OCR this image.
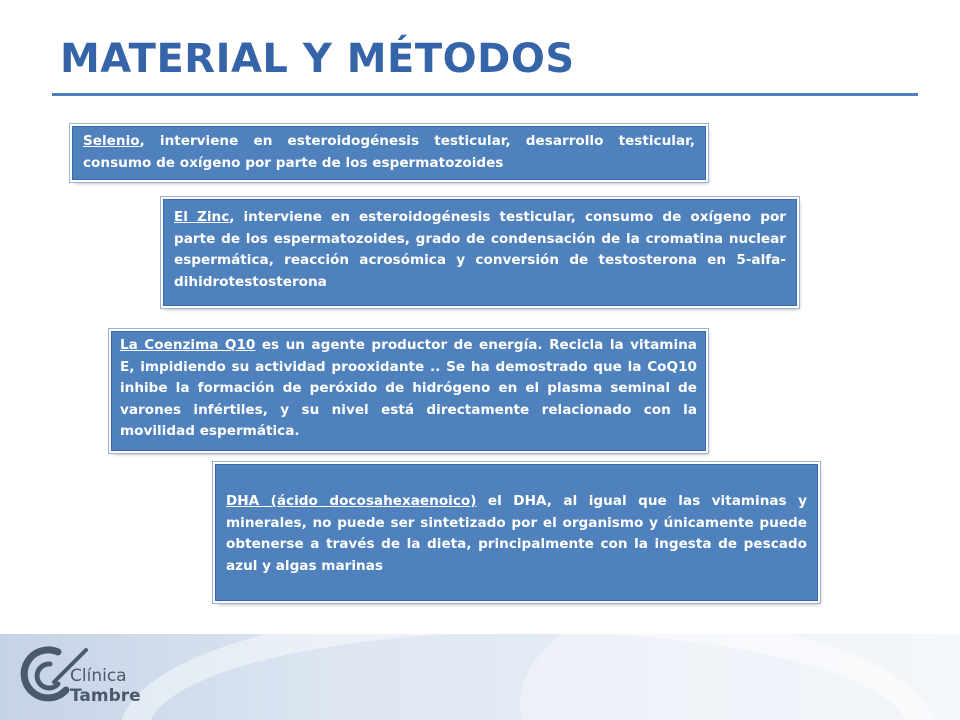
MATERIAL Y MÉTODOS

Selenio, interviene en esteroidogénesis testicular, desarrollo testicular, consumo de oxígeno por parte de los espermatozoides

El Zinc, interviene en esteroidogénesis testicular, consumo de oxígeno por parte de los espermatozoides, grado de condensación de la cromatina nuclear espermática, reacción acrosómica y conversión de testosterona en 5-alfa-dihidrotestosterona

La Coenzima Q10 es un agente productor de energía. Recicla la vitamina E, impidiendo su actividad prooxidante .. Se ha demostrado que la CoQ10 inhibe la formación de peróxido de hidrógeno en el plasma seminal de varones infértiles, y su nivel está directamente relacionado con la movilidad espermática.

DHA (ácido docosahexaenoico) el DHA, al igual que las vitaminas y minerales, no puede ser sintetizado por el organismo y únicamente puede obtenerse a través de la dieta, principalmente con la ingesta de pescado azul y algas marinas

Clínica
Tambre
